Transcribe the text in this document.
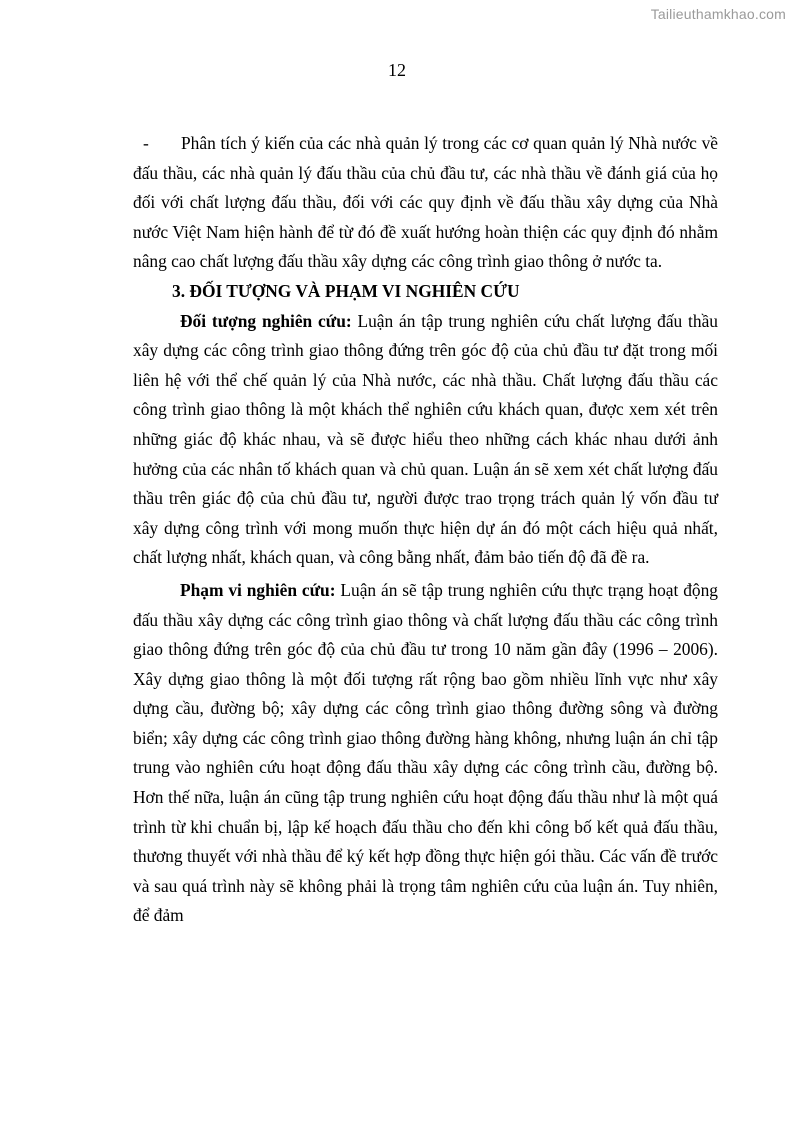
Tailieuthamkhao.com
12

- Phân tích ý kiến của các nhà quản lý trong các cơ quan quản lý Nhà nước về đấu thầu, các nhà quản lý đấu thầu của chủ đầu tư, các nhà thầu về đánh giá của họ đối với chất lượng đấu thầu, đối với các quy định về đấu thầu xây dựng của Nhà nước Việt Nam hiện hành để từ đó đề xuất hướng hoàn thiện các quy định đó nhằm nâng cao chất lượng đấu thầu xây dựng các công trình giao thông ở nước ta.

3. ĐỐI TƯỢNG VÀ PHẠM VI NGHIÊN CỨU

Đối tượng nghiên cứu: Luận án tập trung nghiên cứu chất lượng đấu thầu xây dựng các công trình giao thông đứng trên góc độ của chủ đầu tư đặt trong mối liên hệ với thể chế quản lý của Nhà nước, các nhà thầu. Chất lượng đấu thầu các công trình giao thông là một khách thể nghiên cứu khách quan, được xem xét trên những giác độ khác nhau, và sẽ được hiểu theo những cách khác nhau dưới ảnh hưởng của các nhân tố khách quan và chủ quan. Luận án sẽ xem xét chất lượng đấu thầu trên giác độ của chủ đầu tư, người được trao trọng trách quản lý vốn đầu tư xây dựng công trình với mong muốn thực hiện dự án đó một cách hiệu quả nhất, chất lượng nhất, khách quan, và công bằng nhất, đảm bảo tiến độ đã đề ra.

Phạm vi nghiên cứu: Luận án sẽ tập trung nghiên cứu thực trạng hoạt động đấu thầu xây dựng các công trình giao thông và chất lượng đấu thầu các công trình giao thông đứng trên góc độ của chủ đầu tư trong 10 năm gần đây (1996 – 2006). Xây dựng giao thông là một đối tượng rất rộng bao gồm nhiều lĩnh vực như xây dựng cầu, đường bộ; xây dựng các công trình giao thông đường sông và đường biển; xây dựng các công trình giao thông đường hàng không, nhưng luận án chỉ tập trung vào nghiên cứu hoạt động đấu thầu xây dựng các công trình cầu, đường bộ. Hơn thế nữa, luận án cũng tập trung nghiên cứu hoạt động đấu thầu như là một quá trình từ khi chuẩn bị, lập kế hoạch đấu thầu cho đến khi công bố kết quả đấu thầu, thương thuyết với nhà thầu để ký kết hợp đồng thực hiện gói thầu. Các vấn đề trước và sau quá trình này sẽ không phải là trọng tâm nghiên cứu của luận án. Tuy nhiên, để đảm
